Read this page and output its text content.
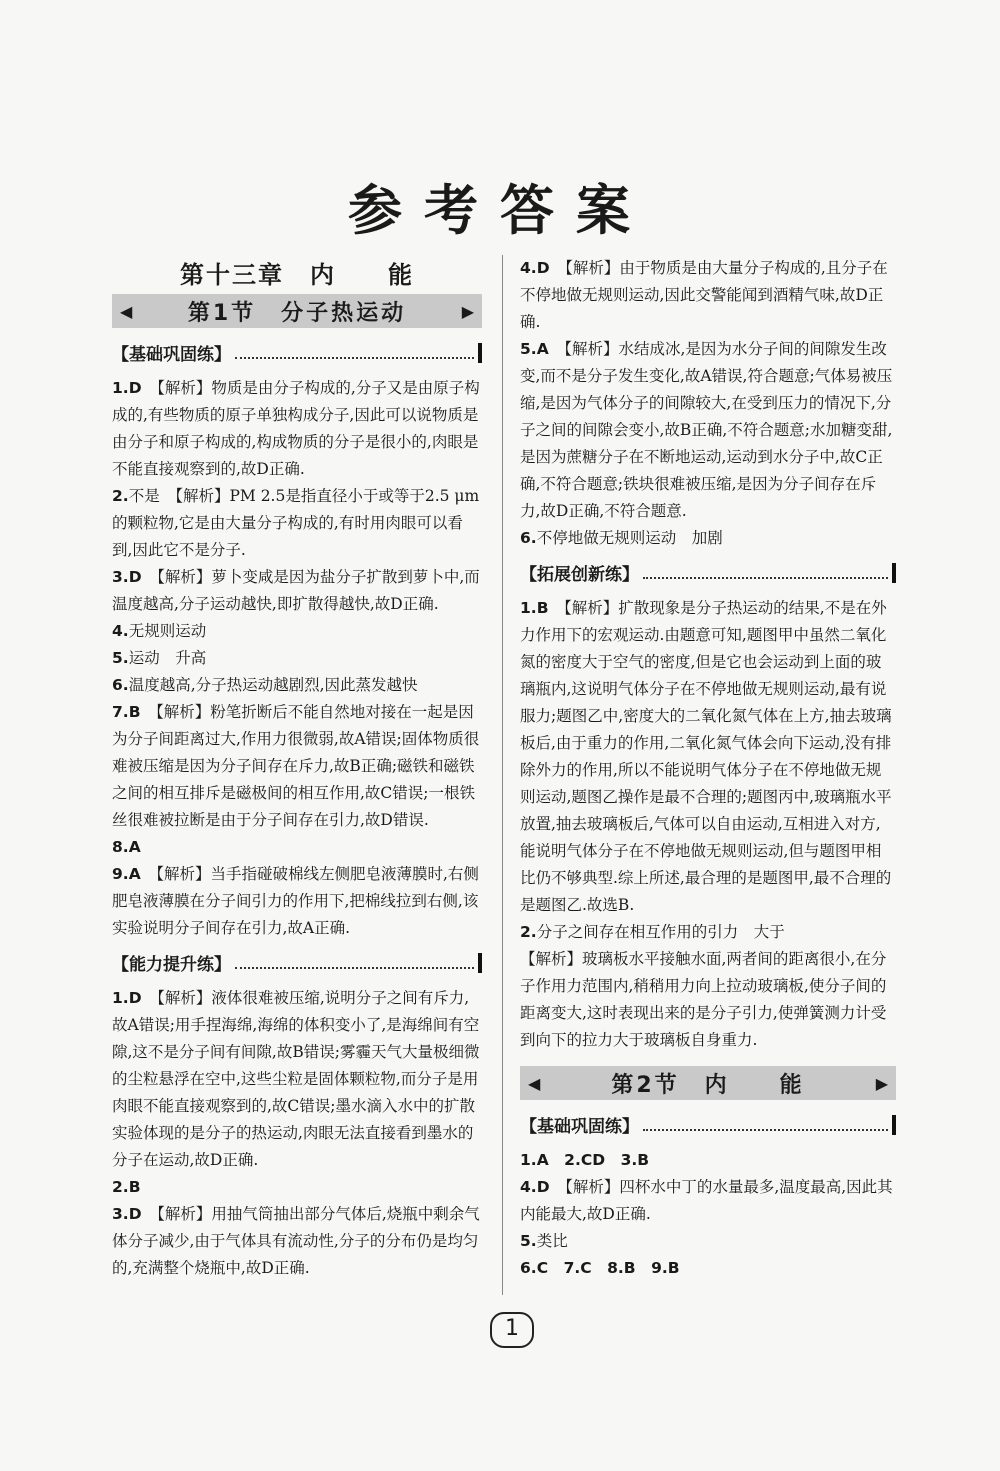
参考答案
第十三章　内　　能
◀	第1节　分子热运动	▶
【基础巩固练】

1.D　 【解析】物质是由分子构成的,分子又是由原子构成的,有些物质的原子单独构成分子,因此可以说物质是由分子和原子构成的,构成物质的分子是很小的,肉眼是不能直接观察到的,故D正确.

2.不是　 【解析】PM 2.5是指直径小于或等于2.5 μm的颗粒物,它是由大量分子构成的,有时用肉眼可以看到,因此它不是分子.

3.D　 【解析】萝卜变咸是因为盐分子扩散到萝卜中,而温度越高,分子运动越快,即扩散得越快,故D正确.

4.无规则运动

5.运动　升高

6.温度越高,分子热运动越剧烈,因此蒸发越快

7.B　 【解析】粉笔折断后不能自然地对接在一起是因为分子间距离过大,作用力很微弱,故A错误;固体物质很难被压缩是因为分子间存在斥力,故B正确;磁铁和磁铁之间的相互排斥是磁极间的相互作用,故C错误;一根铁丝很难被拉断是由于分子间存在引力,故D错误.

8.A

9.A　 【解析】当手指碰破棉线左侧肥皂液薄膜时,右侧肥皂液薄膜在分子间引力的作用下,把棉线拉到右侧,该实验说明分子间存在引力,故A正确.

【能力提升练】

1.D　 【解析】液体很难被压缩,说明分子之间有斥力,故A错误;用手捏海绵,海绵的体积变小了,是海绵间有空隙,这不是分子间有间隙,故B错误;雾霾天气大量极细微的尘粒悬浮在空中,这些尘粒是固体颗粒物,而分子是用肉眼不能直接观察到的,故C错误;墨水滴入水中的扩散实验体现的是分子的热运动,肉眼无法直接看到墨水的分子在运动,故D正确.

2.B

3.D　 【解析】用抽气筒抽出部分气体后,烧瓶中剩余气体分子减少,由于气体具有流动性,分子的分布仍是均匀的,充满整个烧瓶中,故D正确.

4.D　 【解析】由于物质是由大量分子构成的,且分子在不停地做无规则运动,因此交警能闻到酒精气味,故D正确.

5.A　 【解析】水结成冰,是因为水分子间的间隙发生改变,而不是分子发生变化,故A错误,符合题意;气体易被压缩,是因为气体分子的间隙较大,在受到压力的情况下,分子之间的间隙会变小,故B正确,不符合题意;水加糖变甜,是因为蔗糖分子在不断地运动,运动到水分子中,故C正确,不符合题意;铁块很难被压缩,是因为分子间存在斥力,故D正确,不符合题意.

6.不停地做无规则运动　加剧

【拓展创新练】

1.B　 【解析】扩散现象是分子热运动的结果,不是在外力作用下的宏观运动.由题意可知,题图甲中虽然二氧化氮的密度大于空气的密度,但是它也会运动到上面的玻璃瓶内,这说明气体分子在不停地做无规则运动,最有说服力;题图乙中,密度大的二氧化氮气体在上方,抽去玻璃板后,由于重力的作用,二氧化氮气体会向下运动,没有排除外力的作用,所以不能说明气体分子在不停地做无规则运动,题图乙操作是最不合理的;题图丙中,玻璃瓶水平放置,抽去玻璃板后,气体可以自由运动,互相进入对方,能说明气体分子在不停地做无规则运动,但与题图甲相比仍不够典型.综上所述,最合理的是题图甲,最不合理的是题图乙.故选B.

2.分子之间存在相互作用的引力　大于
【解析】玻璃板水平接触水面,两者间的距离很小,在分子作用力范围内,稍稍用力向上拉动玻璃板,使分子间的距离变大,这时表现出来的是分子引力,使弹簧测力计受到向下的拉力大于玻璃板自身重力.

◀	第2节　内　　能	▶
【基础巩固练】

1.A　2.CD　3.B

4.D　 【解析】四杯水中丁的水量最多,温度最高,因此其内能最大,故D正确.

5.类比

6.C　7.C　8.B　9.B

1
